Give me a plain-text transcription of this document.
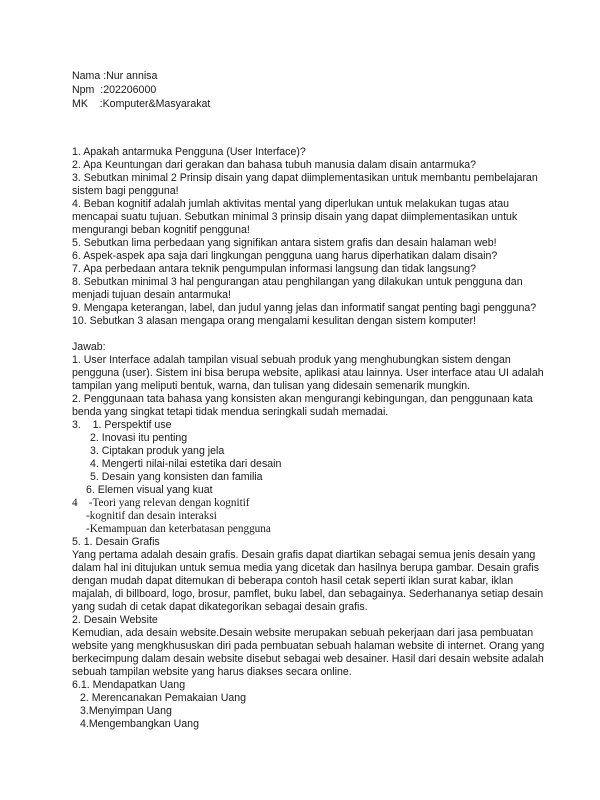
Nama :Nur annisa
Npm  :202206000
MK    :Komputer&Masyarakat
1. Apakah antarmuka Pengguna (User Interface)?
2. Apa Keuntungan dari gerakan dan bahasa tubuh manusia dalam disain antarmuka?
3. Sebutkan minimal 2 Prinsip disain yang dapat diimplementasikan untuk membantu pembelajaran
sistem bagi pengguna!
4. Beban kognitif adalah jumlah aktivitas mental yang diperlukan untuk melakukan tugas atau
mencapai suatu tujuan. Sebutkan minimal 3 prinsip disain yang dapat diimplementasikan untuk
mengurangi beban kognitif pengguna!
5. Sebutkan lima perbedaan yang signifikan antara sistem grafis dan desain halaman web!
6. Aspek-aspek apa saja dari lingkungan pengguna uang harus diperhatikan dalam disain?
7. Apa perbedaan antara teknik pengumpulan informasi langsung dan tidak langsung?
8. Sebutkan minimal 3 hal pengurangan atau penghilangan yang dilakukan untuk pengguna dan
menjadi tujuan desain antarmuka!
9. Mengapa keterangan, label, dan judul yanng jelas dan informatif sangat penting bagi pengguna?
10. Sebutkan 3 alasan mengapa orang mengalami kesulitan dengan sistem komputer!
Jawab:
1. User Interface adalah tampilan visual sebuah produk yang menghubungkan sistem dengan
pengguna (user). Sistem ini bisa berupa website, aplikasi atau lainnya. User interface atau UI adalah
tampilan yang meliputi bentuk, warna, dan tulisan yang didesain semenarik mungkin.
2. Penggunaan tata bahasa yang konsisten akan mengurangi kebingungan, dan penggunaan kata
benda yang singkat tetapi tidak mendua seringkali sudah memadai.
3.    1. Perspektif use
2. Inovasi itu penting
3. Ciptakan produk yang jela
4. Mengerti nilai-nilai estetika dari desain
5. Desain yang konsisten dan familia
6. Elemen visual yang kuat
4    -Teori yang relevan dengan kognitif
-kognitif dan desain interaksi
-Kemampuan dan keterbatasan pengguna
5. 1. Desain Grafis
Yang pertama adalah desain grafis. Desain grafis dapat diartikan sebagai semua jenis desain yang
dalam hal ini ditujukan untuk semua media yang dicetak dan hasilnya berupa gambar. Desain grafis
dengan mudah dapat ditemukan di beberapa contoh hasil cetak seperti iklan surat kabar, iklan
majalah, di billboard, logo, brosur, pamflet, buku label, dan sebagainya. Sederhananya setiap desain
yang sudah di cetak dapat dikategorikan sebagai desain grafis.
2. Desain Website
Kemudian, ada desain website.Desain website merupakan sebuah pekerjaan dari jasa pembuatan
website yang mengkhususkan diri pada pembuatan sebuah halaman website di internet. Orang yang
berkecimpung dalam desain website disebut sebagai web desainer. Hasil dari desain website adalah
sebuah tampilan website yang harus diakses secara online.
6.1. Mendapatkan Uang
2. Merencanakan Pemakaian Uang
3.Menyimpan Uang
4.Mengembangkan Uang
